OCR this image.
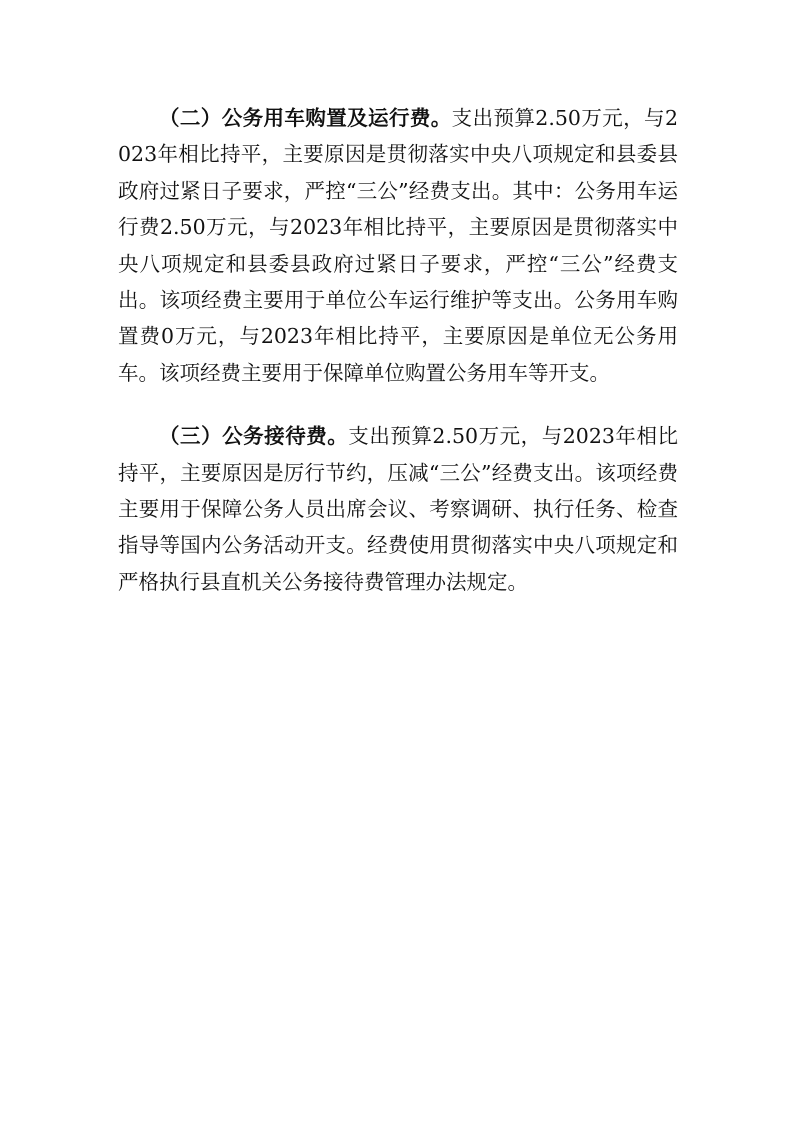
（二）公务用车购置及运行费。支出预算2.50万元，与2023年相比持平，主要原因是贯彻落实中央八项规定和县委县政府过紧日子要求，严控“三公”经费支出。其中：公务用车运行费2.50万元，与2023年相比持平，主要原因是贯彻落实中央八项规定和县委县政府过紧日子要求，严控“三公”经费支出。该项经费主要用于单位公车运行维护等支出。公务用车购置费0万元，与2023年相比持平，主要原因是单位无公务用车。该项经费主要用于保障单位购置公务用车等开支。

（三）公务接待费。支出预算2.50万元，与2023年相比持平，主要原因是厉行节约，压减“三公”经费支出。该项经费主要用于保障公务人员出席会议、考察调研、执行任务、检查指导等国内公务活动开支。经费使用贯彻落实中央八项规定和严格执行县直机关公务接待费管理办法规定。
